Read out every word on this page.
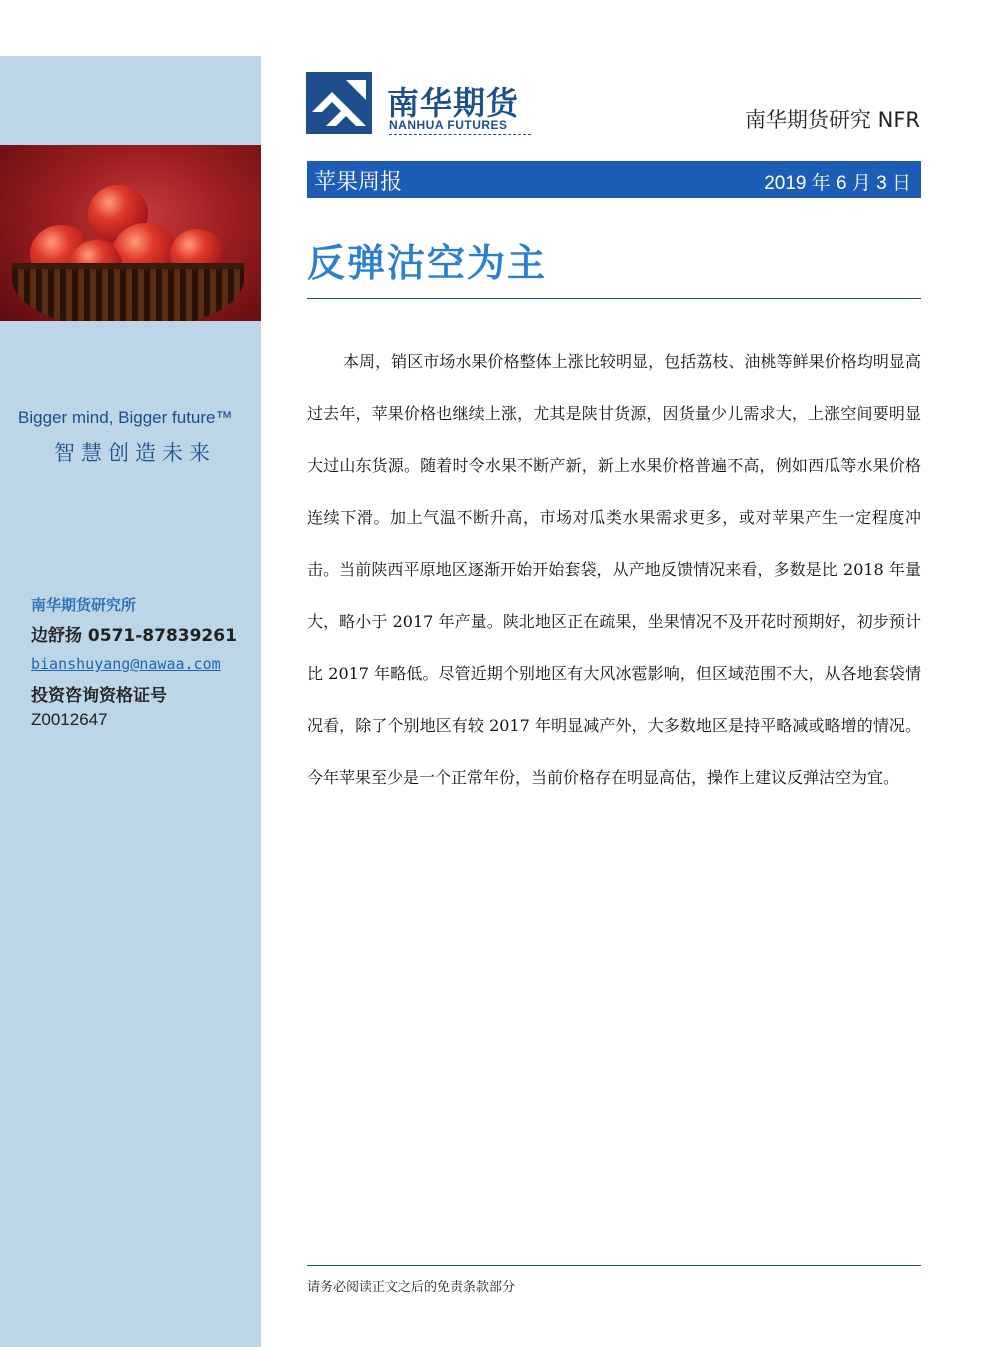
Bigger mind, Bigger future™
智慧创造未来
南华期货研究所
边舒扬 0571-87839261
bianshuyang@nawaa.com
投资咨询资格证号
Z0012647
南华期货
NANHUA FUTURES	南华期货研究 NFR
苹果周报	2019 年 6 月 3 日
反弹沽空为主
本周，销区市场水果价格整体上涨比较明显，包括荔枝、油桃等鲜果价格均明显高过去年，苹果价格也继续上涨，尤其是陕甘货源，因货量少儿需求大，上涨空间要明显大过山东货源。随着时令水果不断产新，新上水果价格普遍不高，例如西瓜等水果价格连续下滑。加上气温不断升高，市场对瓜类水果需求更多，或对苹果产生一定程度冲击。当前陕西平原地区逐渐开始开始套袋，从产地反馈情况来看，多数是比 2018 年量大，略小于 2017 年产量。陕北地区正在疏果，坐果情况不及开花时预期好，初步预计比 2017 年略低。尽管近期个别地区有大风冰雹影响，但区域范围不大，从各地套袋情况看，除了个别地区有较 2017 年明显减产外，大多数地区是持平略减或略增的情况。今年苹果至少是一个正常年份，当前价格存在明显高估，操作上建议反弹沽空为宜。
请务必阅读正文之后的免责条款部分
